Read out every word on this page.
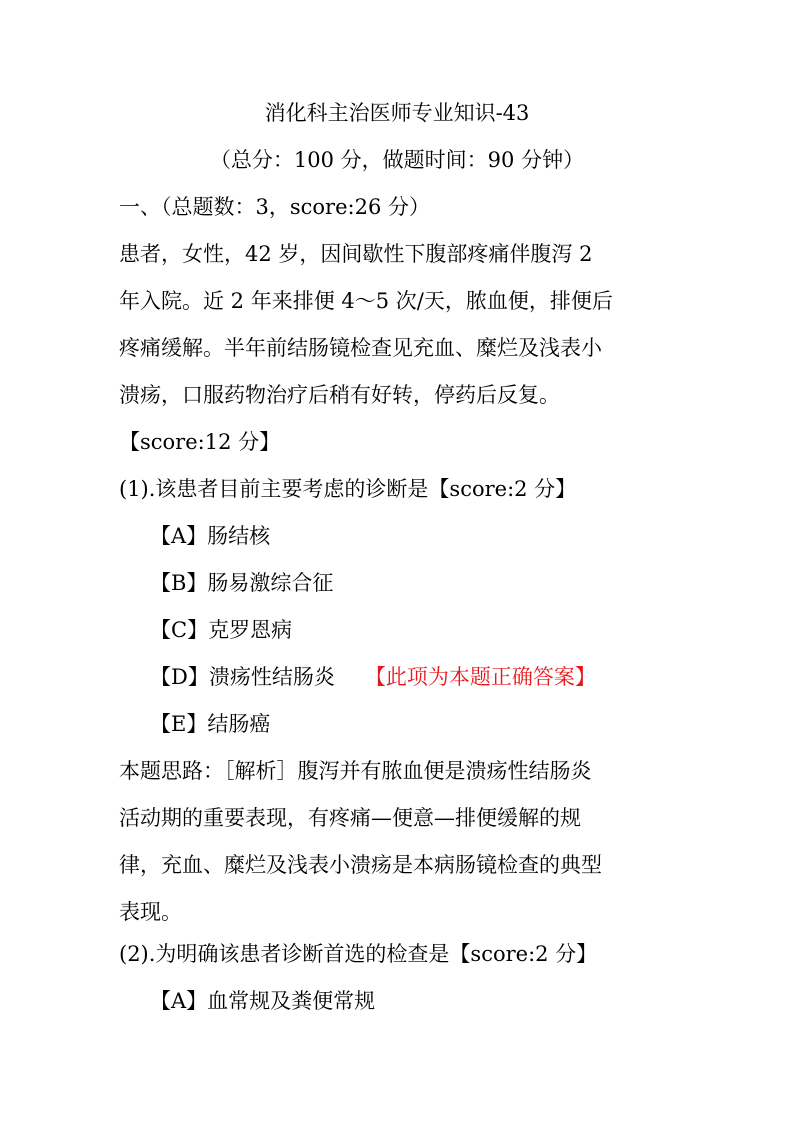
消化科主治医师专业知识-43
（总分：100 分，做题时间：90 分钟）
一、（总题数：3，score:26 分）
患者，女性，42 岁，因间歇性下腹部疼痛伴腹泻 2
年入院。近 2 年来排便 4～5 次/天，脓血便，排便后
疼痛缓解。半年前结肠镜检查见充血、糜烂及浅表小
溃疡，口服药物治疗后稍有好转，停药后反复。
【score:12 分】
(1).该患者目前主要考虑的诊断是【score:2 分】
【A】肠结核
【B】肠易激综合征
【C】克罗恩病
【D】溃疡性结肠炎 【此项为本题正确答案】
【E】结肠癌
本题思路：［解析］腹泻并有脓血便是溃疡性结肠炎
活动期的重要表现，有疼痛—便意—排便缓解的规
律，充血、糜烂及浅表小溃疡是本病肠镜检查的典型
表现。
(2).为明确该患者诊断首选的检查是【score:2 分】
【A】血常规及粪便常规
